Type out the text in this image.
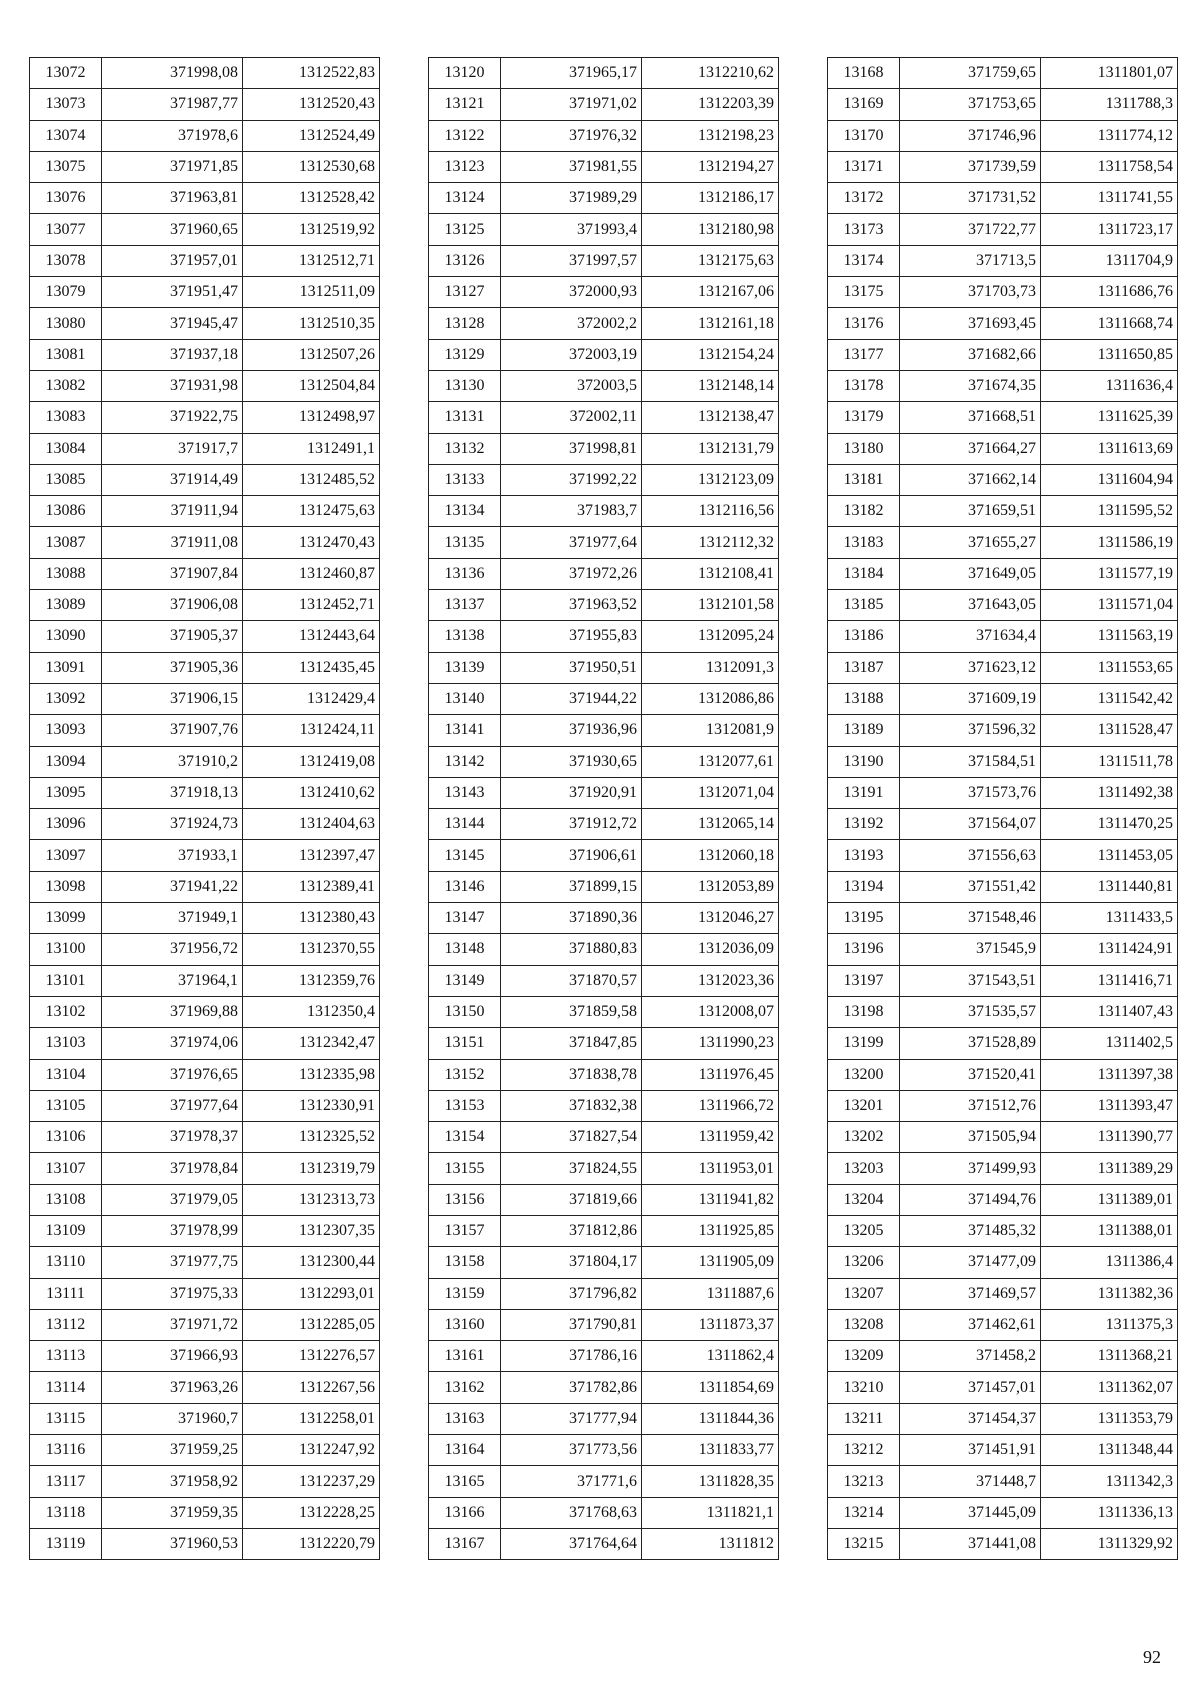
13072	371998,08	1312522,83
13073	371987,77	1312520,43
13074	371978,6	1312524,49
13075	371971,85	1312530,68
13076	371963,81	1312528,42
13077	371960,65	1312519,92
13078	371957,01	1312512,71
13079	371951,47	1312511,09
13080	371945,47	1312510,35
13081	371937,18	1312507,26
13082	371931,98	1312504,84
13083	371922,75	1312498,97
13084	371917,7	1312491,1
13085	371914,49	1312485,52
13086	371911,94	1312475,63
13087	371911,08	1312470,43
13088	371907,84	1312460,87
13089	371906,08	1312452,71
13090	371905,37	1312443,64
13091	371905,36	1312435,45
13092	371906,15	1312429,4
13093	371907,76	1312424,11
13094	371910,2	1312419,08
13095	371918,13	1312410,62
13096	371924,73	1312404,63
13097	371933,1	1312397,47
13098	371941,22	1312389,41
13099	371949,1	1312380,43
13100	371956,72	1312370,55
13101	371964,1	1312359,76
13102	371969,88	1312350,4
13103	371974,06	1312342,47
13104	371976,65	1312335,98
13105	371977,64	1312330,91
13106	371978,37	1312325,52
13107	371978,84	1312319,79
13108	371979,05	1312313,73
13109	371978,99	1312307,35
13110	371977,75	1312300,44
13111	371975,33	1312293,01
13112	371971,72	1312285,05
13113	371966,93	1312276,57
13114	371963,26	1312267,56
13115	371960,7	1312258,01
13116	371959,25	1312247,92
13117	371958,92	1312237,29
13118	371959,35	1312228,25
13119	371960,53	1312220,79
13120	371965,17	1312210,62
13121	371971,02	1312203,39
13122	371976,32	1312198,23
13123	371981,55	1312194,27
13124	371989,29	1312186,17
13125	371993,4	1312180,98
13126	371997,57	1312175,63
13127	372000,93	1312167,06
13128	372002,2	1312161,18
13129	372003,19	1312154,24
13130	372003,5	1312148,14
13131	372002,11	1312138,47
13132	371998,81	1312131,79
13133	371992,22	1312123,09
13134	371983,7	1312116,56
13135	371977,64	1312112,32
13136	371972,26	1312108,41
13137	371963,52	1312101,58
13138	371955,83	1312095,24
13139	371950,51	1312091,3
13140	371944,22	1312086,86
13141	371936,96	1312081,9
13142	371930,65	1312077,61
13143	371920,91	1312071,04
13144	371912,72	1312065,14
13145	371906,61	1312060,18
13146	371899,15	1312053,89
13147	371890,36	1312046,27
13148	371880,83	1312036,09
13149	371870,57	1312023,36
13150	371859,58	1312008,07
13151	371847,85	1311990,23
13152	371838,78	1311976,45
13153	371832,38	1311966,72
13154	371827,54	1311959,42
13155	371824,55	1311953,01
13156	371819,66	1311941,82
13157	371812,86	1311925,85
13158	371804,17	1311905,09
13159	371796,82	1311887,6
13160	371790,81	1311873,37
13161	371786,16	1311862,4
13162	371782,86	1311854,69
13163	371777,94	1311844,36
13164	371773,56	1311833,77
13165	371771,6	1311828,35
13166	371768,63	1311821,1
13167	371764,64	1311812
13168	371759,65	1311801,07
13169	371753,65	1311788,3
13170	371746,96	1311774,12
13171	371739,59	1311758,54
13172	371731,52	1311741,55
13173	371722,77	1311723,17
13174	371713,5	1311704,9
13175	371703,73	1311686,76
13176	371693,45	1311668,74
13177	371682,66	1311650,85
13178	371674,35	1311636,4
13179	371668,51	1311625,39
13180	371664,27	1311613,69
13181	371662,14	1311604,94
13182	371659,51	1311595,52
13183	371655,27	1311586,19
13184	371649,05	1311577,19
13185	371643,05	1311571,04
13186	371634,4	1311563,19
13187	371623,12	1311553,65
13188	371609,19	1311542,42
13189	371596,32	1311528,47
13190	371584,51	1311511,78
13191	371573,76	1311492,38
13192	371564,07	1311470,25
13193	371556,63	1311453,05
13194	371551,42	1311440,81
13195	371548,46	1311433,5
13196	371545,9	1311424,91
13197	371543,51	1311416,71
13198	371535,57	1311407,43
13199	371528,89	1311402,5
13200	371520,41	1311397,38
13201	371512,76	1311393,47
13202	371505,94	1311390,77
13203	371499,93	1311389,29
13204	371494,76	1311389,01
13205	371485,32	1311388,01
13206	371477,09	1311386,4
13207	371469,57	1311382,36
13208	371462,61	1311375,3
13209	371458,2	1311368,21
13210	371457,01	1311362,07
13211	371454,37	1311353,79
13212	371451,91	1311348,44
13213	371448,7	1311342,3
13214	371445,09	1311336,13
13215	371441,08	1311329,92
92
